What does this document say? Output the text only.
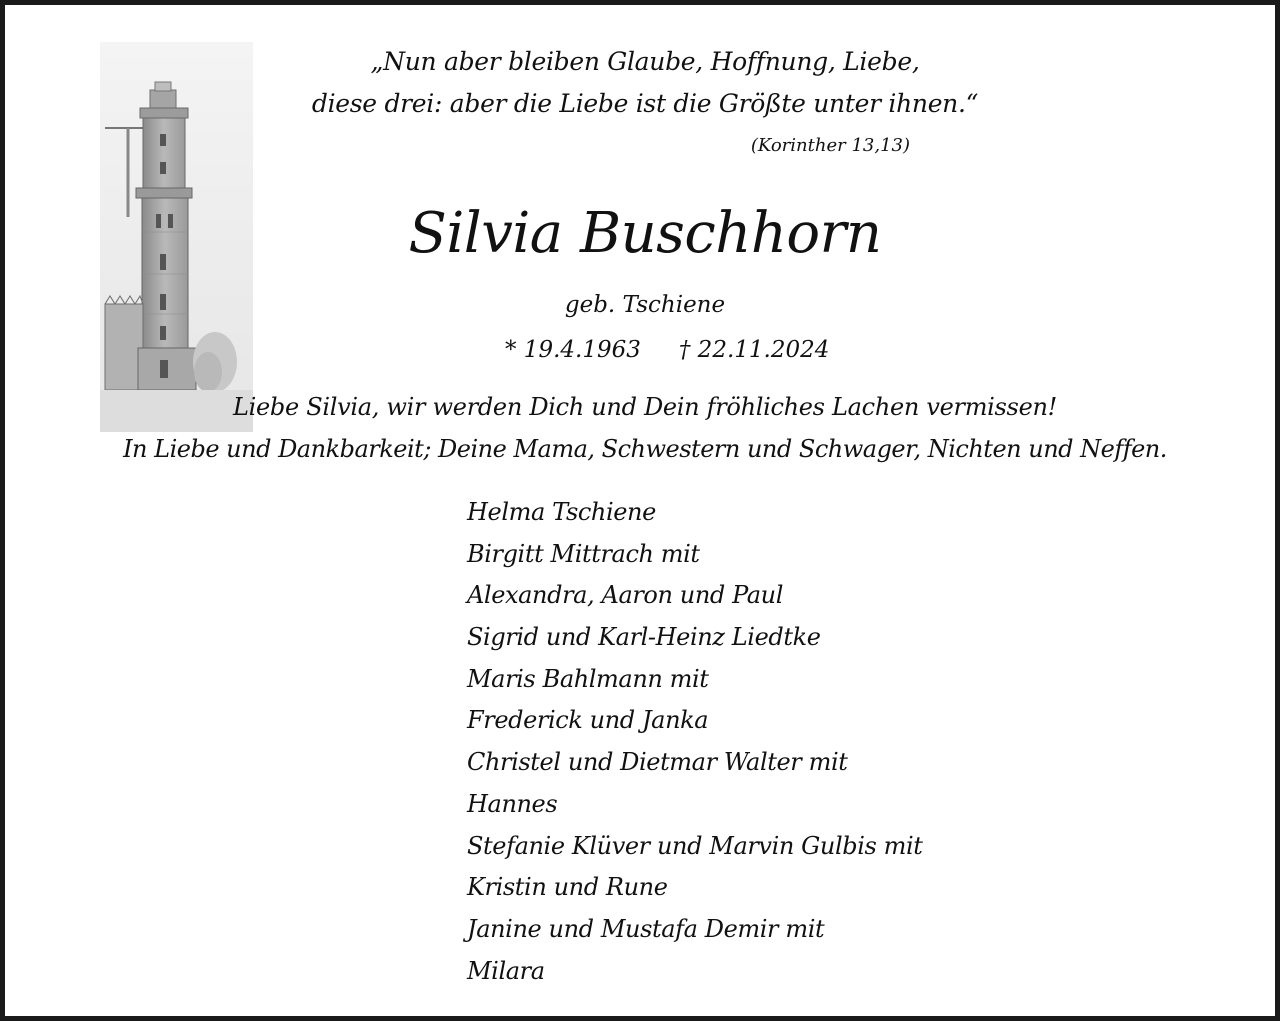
„Nun aber bleiben Glaube, Hoffnung, Liebe,
diese drei: aber die Liebe ist die Größte unter ihnen.“
(Korinther 13,13)
Silvia Buschhorn
geb. Tschiene
* 19.4.1963 † 22.11.2024
Liebe Silvia, wir werden Dich und Dein fröhliches Lachen vermissen!
In Liebe und Dankbarkeit; Deine Mama, Schwestern und Schwager, Nichten und Neffen.
Helma Tschiene
Birgitt Mittrach mit
Alexandra, Aaron und Paul
Sigrid und Karl-Heinz Liedtke
Maris Bahlmann mit
Frederick und Janka
Christel und Dietmar Walter mit
Hannes
Stefanie Klüver und Marvin Gulbis mit
Kristin und Rune
Janine und Mustafa Demir mit
Milara
